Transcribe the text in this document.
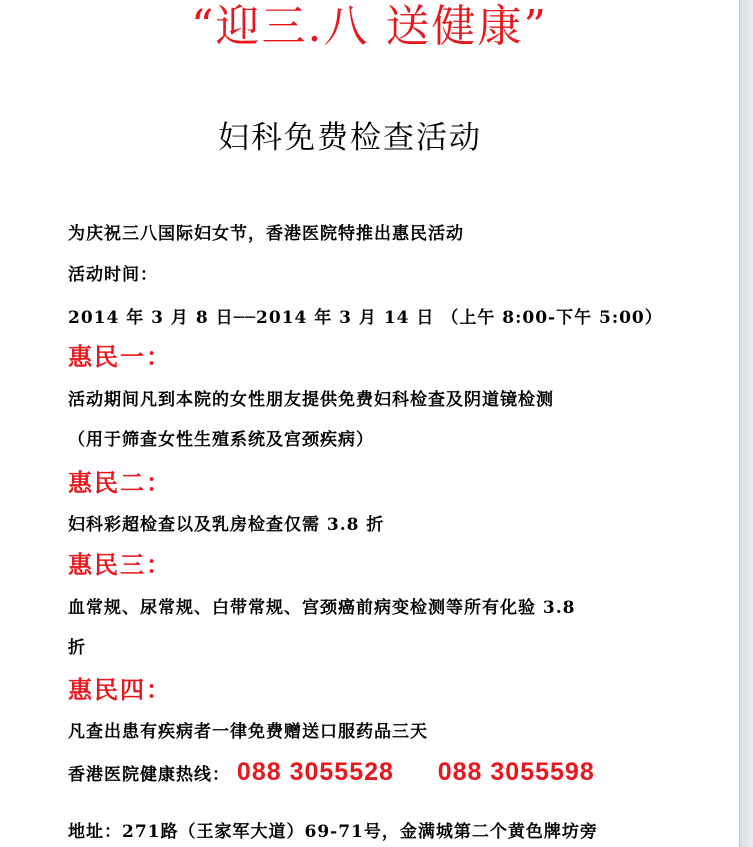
“迎三.八 送健康”
妇科免费检查活动
为庆祝三八国际妇女节，香港医院特推出惠民活动
活动时间：
2014 年 3 月 8 日──2014 年 3 月 14 日 （上午 8:00-下午 5:00）
惠民一：
活动期间凡到本院的女性朋友提供免费妇科检查及阴道镜检测
（用于筛查女性生殖系统及宫颈疾病）
惠民二：
妇科彩超检查以及乳房检查仅需 3.8 折
惠民三：
血常规、尿常规、白带常规、宫颈癌前病变检测等所有化验 3.8
折
惠民四：
凡查出患有疾病者一律免费赠送口服药品三天
香港医院健康热线： 088 3055528 088 3055598
地址：271路（王家军大道）69-71号，金满城第二个黄色牌坊旁
